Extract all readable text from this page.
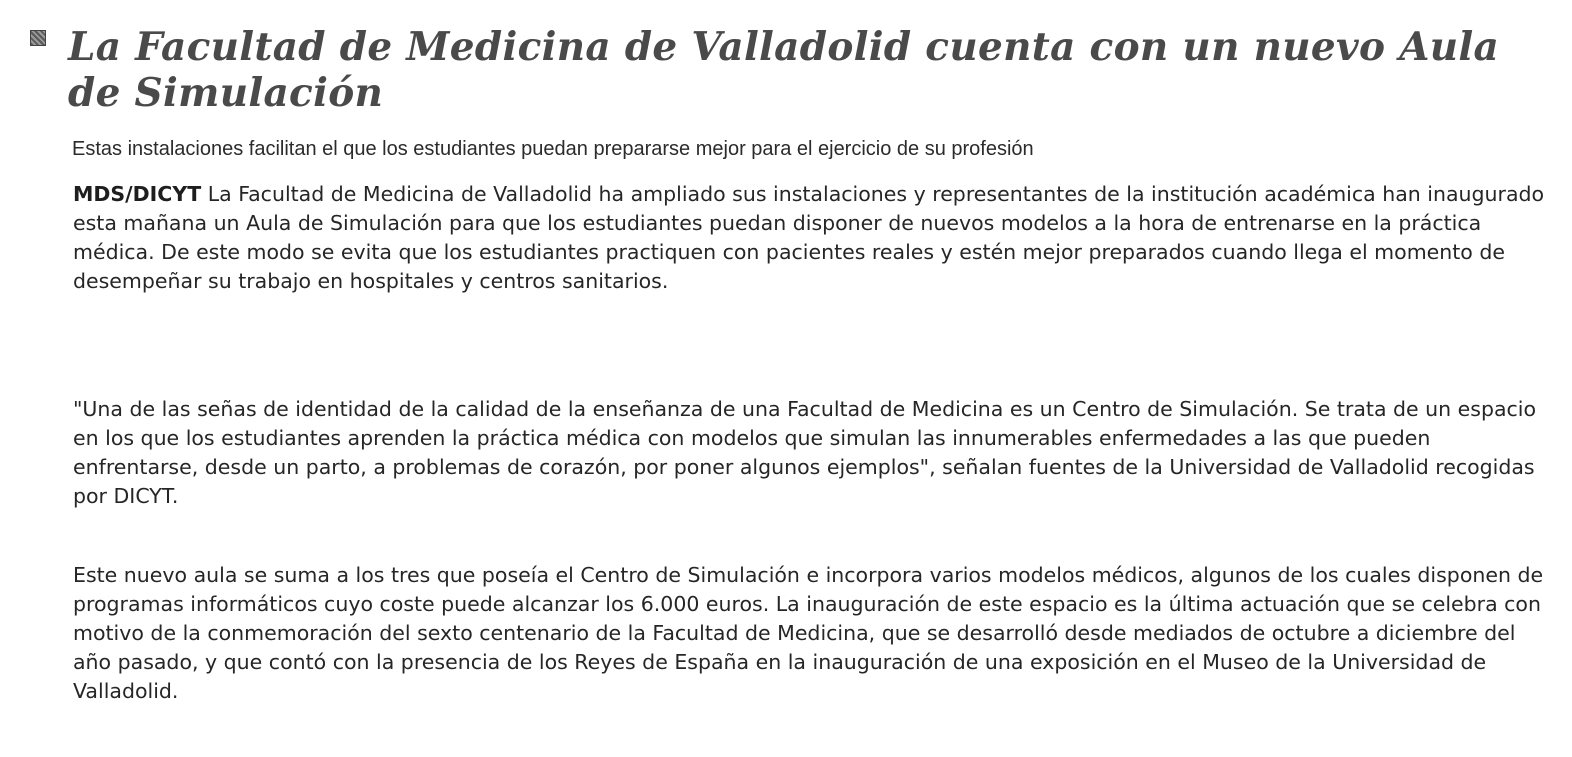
La Facultad de Medicina de Valladolid cuenta con un nuevo Aula de Simulación

Estas instalaciones facilitan el que los estudiantes puedan prepararse mejor para el ejercicio de su profesión

MDS/DICYT La Facultad de Medicina de Valladolid ha ampliado sus instalaciones y representantes de la institución académica han inaugurado esta mañana un Aula de Simulación para que los estudiantes puedan disponer de nuevos modelos a la hora de entrenarse en la práctica médica. De este modo se evita que los estudiantes practiquen con pacientes reales y estén mejor preparados cuando llega el momento de desempeñar su trabajo en hospitales y centros sanitarios.

"Una de las señas de identidad de la calidad de la enseñanza de una Facultad de Medicina es un Centro de Simulación. Se trata de un espacio en los que los estudiantes aprenden la práctica médica con modelos que simulan las innumerables enfermedades a las que pueden enfrentarse, desde un parto, a problemas de corazón, por poner algunos ejemplos", señalan fuentes de la Universidad de Valladolid recogidas por DICYT.

Este nuevo aula se suma a los tres que poseía el Centro de Simulación e incorpora varios modelos médicos, algunos de los cuales disponen de programas informáticos cuyo coste puede alcanzar los 6.000 euros. La inauguración de este espacio es la última actuación que se celebra con motivo de la conmemoración del sexto centenario de la Facultad de Medicina, que se desarrolló desde mediados de octubre a diciembre del año pasado, y que contó con la presencia de los Reyes de España en la inauguración de una exposición en el Museo de la Universidad de Valladolid.
